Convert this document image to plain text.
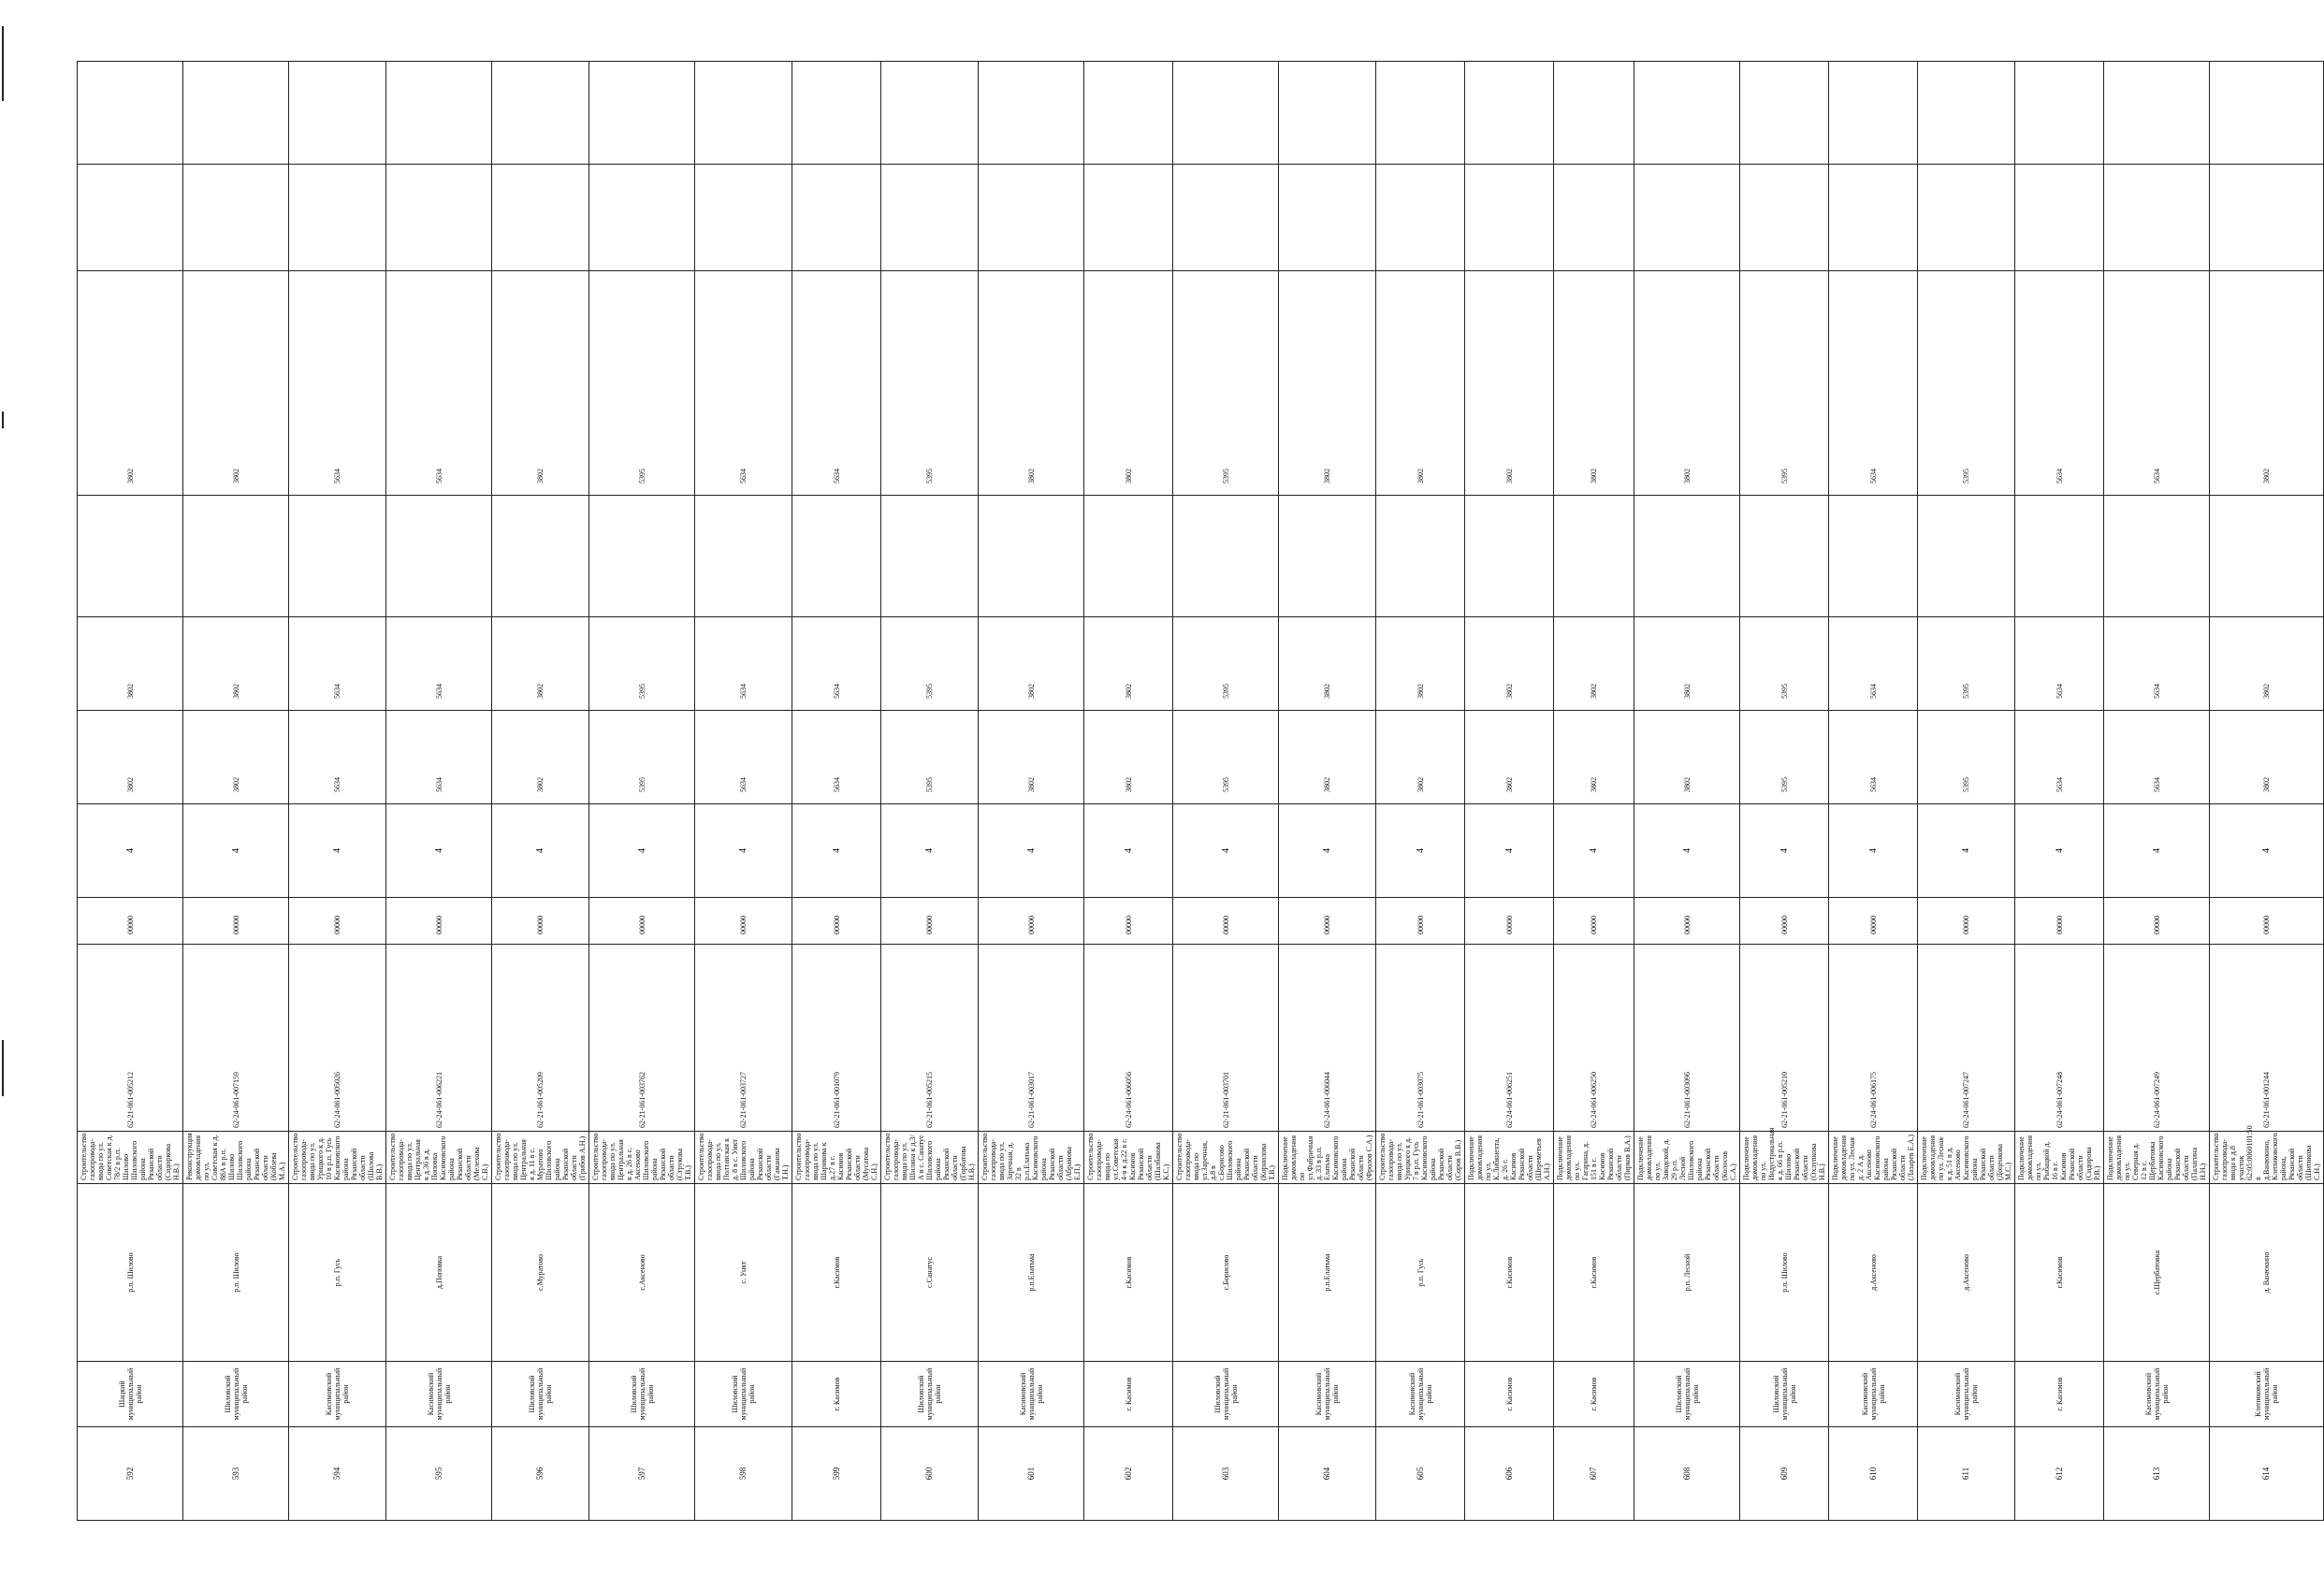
592	Шацкий муниципальный район	р.п. Шилово	Строительство газопровода-ввода по ул. Советская к д. 78/2 в р.п. Шилово Шиловского района Рязанской области (Сидоркова Н.В.)	62-21-061-005212	00000	4	3802	3802		3802		
593	Шиловский муниципальный район	р.п. Шилово	Реконструкция домовладения по ул. Советская к д. 88А в р.п. Шилово Шиловского района Рязанской области (Кобзева М.А.)	62-24-061-007159	00000	4	3802	3802		3802		
594	Касимовский муниципальный район	р.п. Гусь	Строительство газопровода-ввода по ул. Урицкого к д. 10 в р.п. Гусь Касимовского района Рязанской области (Шилова В.В.)	62-24-061-005026	00000	4	5634	5634		5634		
595	Касимовский муниципальный район	д.Поповка	Строительство газопровода-ввода по ул. Центральная к д.36 в д. Поповка Касимовского района Рязанской области (Мелехова С.В.)	62-24-061-006221	00000	4	5634	5634		5634		
596	Шиловский муниципальный район	с.Муратово	Строительство газопровода-ввода по ул. Центральная к д. 11 в с. Муратово Шиловского района Рязанской области (Грибов А.Н.)	62-21-061-005209	00000	4	3802	3802		3802		
597	Шиловский муниципальный район	с.Аксеново	Строительство газопровода-ввода по ул. Центральная к д. 26 в с. Аксеново Шиловского района Рязанской области (Струкова Т.В.)	62-21-061-003762	00000	4	5395	5395		5395		
598	Шиловский муниципальный район	с. Ункт	Строительство газопровода-ввода по ул. Полтавская к д. 8 в с. Ункт Шиловского района Рязанской области (Гаманова Т.Н.)	62-21-061-003727	00000	4	5634	5634		5634		
599	г. Касимов	г.Касимов	Строительство газопровода-ввода по ул. Шарикова к д.27 в г. Касимов Рязанской области (Мусатова С.Н.)	62-21-061-001079	00000	4	5634	5634		5634		
600	Шиловский муниципальный район	с.Санатус	Строительство газопровода-ввода по ул. Шилина к д.3/А в с. Санатус Шиловского района Рязанской области (Горбатова Н.В.)	62-21-061-005215	00000	4	5395	5395		5395		
601	Касимовский муниципальный район	р.п.Елатьма	Строительство газопровода-ввода по ул. Заречная, д. 32 в р.п.Елатьма Касимовского района Рязанской области (Абрамова Е.П.)	62-21-061-003017	00000	4	3802	3802		3802		
602	г. Касимов	г.Касимов	Строительство газопровода-ввода по ул.Советская 4-я к д.22 в г. Касимов Рязанской области (Шалбакова К.С.)	62-24-061-006056	00000	4	3802	3802		3802		
603	Шиловский муниципальный район	с.Борисово	Строительство газопровода-ввода по ул.Заречная, д.8 в с.Борисово Шиловского района Рязанской области (Корнилова Т.В.)	62-21-061-003701	00000	4	5395	5395		5395		
604	Касимовский муниципальный район	р.п.Елатьма	Подключение домовладения по ул.Фабричная д. 33 в р.п. Елатьма Касимовского района Рязанской области (Фролов С.А.)	62-24-061-006044	00000	4	3802	3802		3802		
605	Касимовский муниципальный район	р.п. Гусь	Строительство газопровода-ввода по ул. Урицкого к д. 7 в р.п. Гусь Касимовского района Рязанской области (Соров В.В.)	62-21-061-003075	00000	4	3802	3802		3802		
606	г. Касимов	г.Касимов	Подключение домовладения по ул. К.Либкнехта, д. 26 г. Касимов Рязанской области (Шереметьев А.Н.)	62-24-061-006251	00000	4	3802	3802		3802		
607	г. Касимов	г.Касимов	Подключение домовладения по ул. Гагарина, д. 151 в г. Касимов Рязанской области (Пирков В.А.)	62-24-061-006250	00000	4	3802	3802		3802		
608	Шиловский муниципальный район	р.п. Лесной	Подключение домовладения по ул. Заводской, д. 29 р.п. Лесной Шиловского района Рязанской области (Колосов С.А.)	62-21-061-003096	00000	4	3802	3802		3802		
609	Шиловский муниципальный район	р.п. Шилово	Подключение домовладения по ул. Индустриальная к д. 66 в р.п. Шилово Рязанской области (Охлупкова Н.В.)	62-21-061-005210	00000	4	5395	5395		5395		
610	Касимовский муниципальный район	д.Аксеново	Подключение домовладения по ул. Лесная д. 2 А д. Аксеново Касимовского района Рязанской области (Лазарев Е.А.)	62-24-061-006175	00000	4	5634	5634		5634		
611	Касимовский муниципальный район	д.Аксеново	Подключение домовладения по ул. Лесная к д. 51 в д. Аксеново Касимовского района Рязанской области (Доценкова М.С.)	62-24-061-007247	00000	4	5395	5395		5395		
612	г. Касимов	г.Касимов	Подключение домовладения по ул. Рыбацкой д. 16 в г. Касимов Рязанской области (Сидорова Р.В.)	62-24-061-007248	00000	4	5634	5634		5634		
613	Касимовский муниципальный район	с.Щербатовка	Подключение домовладения по ул. Северная д. 12 в с. Щербатовка Касимовского района Рязанской области (Палагина Н.Н.)	62-24-061-007249	00000	4	5634	5634		5634		
614	Клепиковский муниципальный район	д. Ванюкино	Строительство газопровода-ввода к д.8 участок 62:05:0060101:50 в д.Ванюкино, Клепиковского района, Рязанской области (Шитикова С.Н.)	62-21-061-001244	00000	4	3802	3802		3802		
